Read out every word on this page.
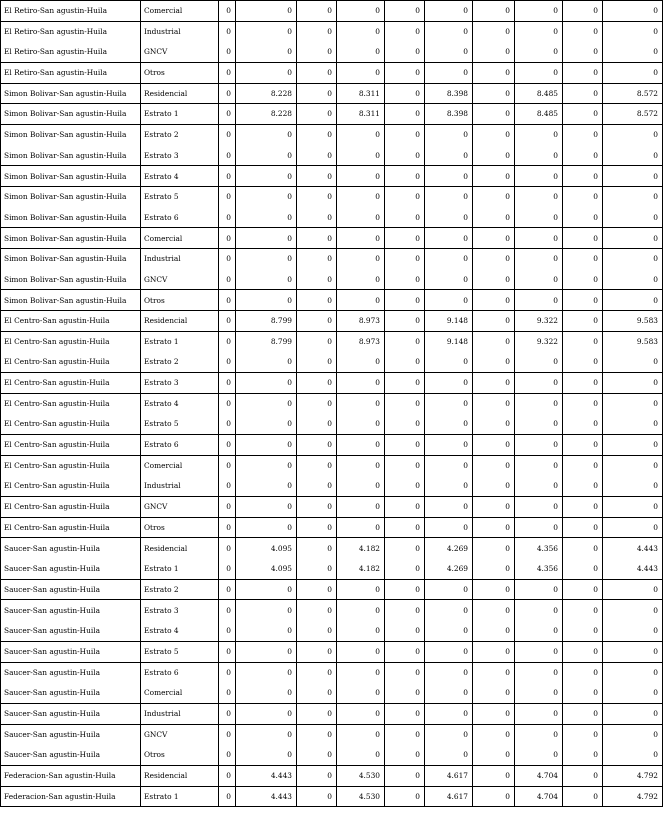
El Retiro-San agustin-Huila	Comercial	0	0	0	0	0	0	0	0	0	0
El Retiro-San agustin-Huila	Industrial	0	0	0	0	0	0	0	0	0	0
El Retiro-San agustin-Huila	GNCV	0	0	0	0	0	0	0	0	0	0
El Retiro-San agustin-Huila	Otros	0	0	0	0	0	0	0	0	0	0
Simon Bolivar-San agustin-Huila	Residencial	0	8.228	0	8.311	0	8.398	0	8.485	0	8.572
Simon Bolivar-San agustin-Huila	Estrato 1	0	8.228	0	8.311	0	8.398	0	8.485	0	8.572
Simon Bolivar-San agustin-Huila	Estrato 2	0	0	0	0	0	0	0	0	0	0
Simon Bolivar-San agustin-Huila	Estrato 3	0	0	0	0	0	0	0	0	0	0
Simon Bolivar-San agustin-Huila	Estrato 4	0	0	0	0	0	0	0	0	0	0
Simon Bolivar-San agustin-Huila	Estrato 5	0	0	0	0	0	0	0	0	0	0
Simon Bolivar-San agustin-Huila	Estrato 6	0	0	0	0	0	0	0	0	0	0
Simon Bolivar-San agustin-Huila	Comercial	0	0	0	0	0	0	0	0	0	0
Simon Bolivar-San agustin-Huila	Industrial	0	0	0	0	0	0	0	0	0	0
Simon Bolivar-San agustin-Huila	GNCV	0	0	0	0	0	0	0	0	0	0
Simon Bolivar-San agustin-Huila	Otros	0	0	0	0	0	0	0	0	0	0
El Centro-San agustin-Huila	Residencial	0	8.799	0	8.973	0	9.148	0	9.322	0	9.583
El Centro-San agustin-Huila	Estrato 1	0	8.799	0	8.973	0	9.148	0	9.322	0	9.583
El Centro-San agustin-Huila	Estrato 2	0	0	0	0	0	0	0	0	0	0
El Centro-San agustin-Huila	Estrato 3	0	0	0	0	0	0	0	0	0	0
El Centro-San agustin-Huila	Estrato 4	0	0	0	0	0	0	0	0	0	0
El Centro-San agustin-Huila	Estrato 5	0	0	0	0	0	0	0	0	0	0
El Centro-San agustin-Huila	Estrato 6	0	0	0	0	0	0	0	0	0	0
El Centro-San agustin-Huila	Comercial	0	0	0	0	0	0	0	0	0	0
El Centro-San agustin-Huila	Industrial	0	0	0	0	0	0	0	0	0	0
El Centro-San agustin-Huila	GNCV	0	0	0	0	0	0	0	0	0	0
El Centro-San agustin-Huila	Otros	0	0	0	0	0	0	0	0	0	0
Saucer-San agustin-Huila	Residencial	0	4.095	0	4.182	0	4.269	0	4.356	0	4.443
Saucer-San agustin-Huila	Estrato 1	0	4.095	0	4.182	0	4.269	0	4.356	0	4.443
Saucer-San agustin-Huila	Estrato 2	0	0	0	0	0	0	0	0	0	0
Saucer-San agustin-Huila	Estrato 3	0	0	0	0	0	0	0	0	0	0
Saucer-San agustin-Huila	Estrato 4	0	0	0	0	0	0	0	0	0	0
Saucer-San agustin-Huila	Estrato 5	0	0	0	0	0	0	0	0	0	0
Saucer-San agustin-Huila	Estrato 6	0	0	0	0	0	0	0	0	0	0
Saucer-San agustin-Huila	Comercial	0	0	0	0	0	0	0	0	0	0
Saucer-San agustin-Huila	Industrial	0	0	0	0	0	0	0	0	0	0
Saucer-San agustin-Huila	GNCV	0	0	0	0	0	0	0	0	0	0
Saucer-San agustin-Huila	Otros	0	0	0	0	0	0	0	0	0	0
Federacion-San agustin-Huila	Residencial	0	4.443	0	4.530	0	4.617	0	4.704	0	4.792
Federacion-San agustin-Huila	Estrato 1	0	4.443	0	4.530	0	4.617	0	4.704	0	4.792
